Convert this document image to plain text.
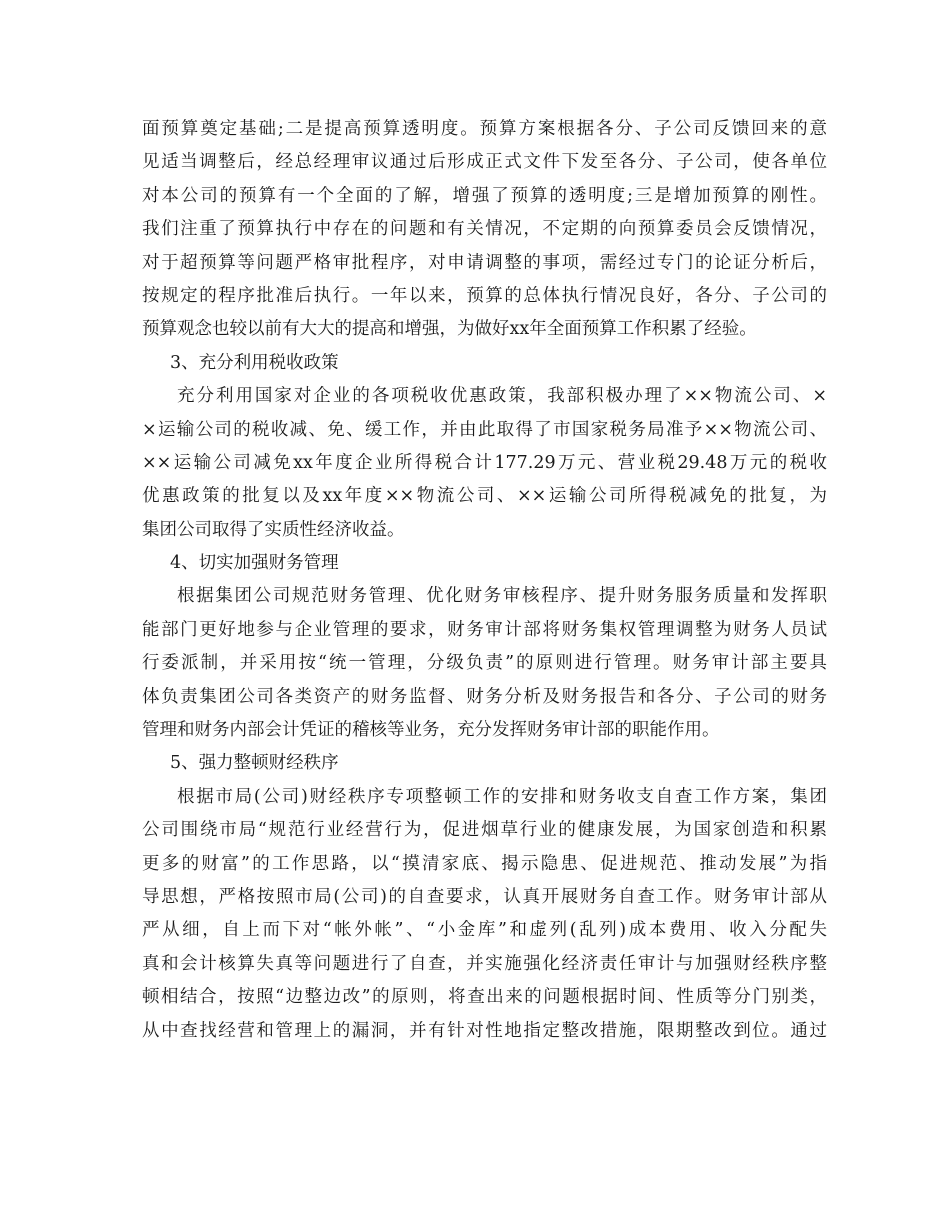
面预算奠定基础;二是提高预算透明度。预算方案根据各分、子公司反馈回来的意
见适当调整后，经总经理审议通过后形成正式文件下发至各分、子公司，使各单位
对本公司的预算有一个全面的了解，增强了预算的透明度;三是增加预算的刚性。
我们注重了预算执行中存在的问题和有关情况，不定期的向预算委员会反馈情况，
对于超预算等问题严格审批程序，对申请调整的事项，需经过专门的论证分析后，
按规定的程序批准后执行。一年以来，预算的总体执行情况良好，各分、子公司的
预算观念也较以前有大大的提高和增强，为做好xx年全面预算工作积累了经验。
3、充分利用税收政策
充分利用国家对企业的各项税收优惠政策，我部积极办理了××物流公司、×
×运输公司的税收减、免、缓工作，并由此取得了市国家税务局准予××物流公司、
××运输公司减免xx年度企业所得税合计177.29万元、营业税29.48万元的税收
优惠政策的批复以及xx年度××物流公司、××运输公司所得税减免的批复，为
集团公司取得了实质性经济收益。
4、切实加强财务管理
根据集团公司规范财务管理、优化财务审核程序、提升财务服务质量和发挥职
能部门更好地参与企业管理的要求，财务审计部将财务集权管理调整为财务人员试
行委派制，并采用按“统一管理，分级负责”的原则进行管理。财务审计部主要具
体负责集团公司各类资产的财务监督、财务分析及财务报告和各分、子公司的财务
管理和财务内部会计凭证的稽核等业务，充分发挥财务审计部的职能作用。
5、强力整顿财经秩序
根据市局(公司)财经秩序专项整顿工作的安排和财务收支自查工作方案，集团
公司围绕市局“规范行业经营行为，促进烟草行业的健康发展，为国家创造和积累
更多的财富”的工作思路，以“摸清家底、揭示隐患、促进规范、推动发展”为指
导思想，严格按照市局(公司)的自查要求，认真开展财务自查工作。财务审计部从
严从细，自上而下对“帐外帐”、“小金库”和虚列(乱列)成本费用、收入分配失
真和会计核算失真等问题进行了自查，并实施强化经济责任审计与加强财经秩序整
顿相结合，按照“边整边改”的原则，将查出来的问题根据时间、性质等分门别类，
从中查找经营和管理上的漏洞，并有针对性地指定整改措施，限期整改到位。通过
